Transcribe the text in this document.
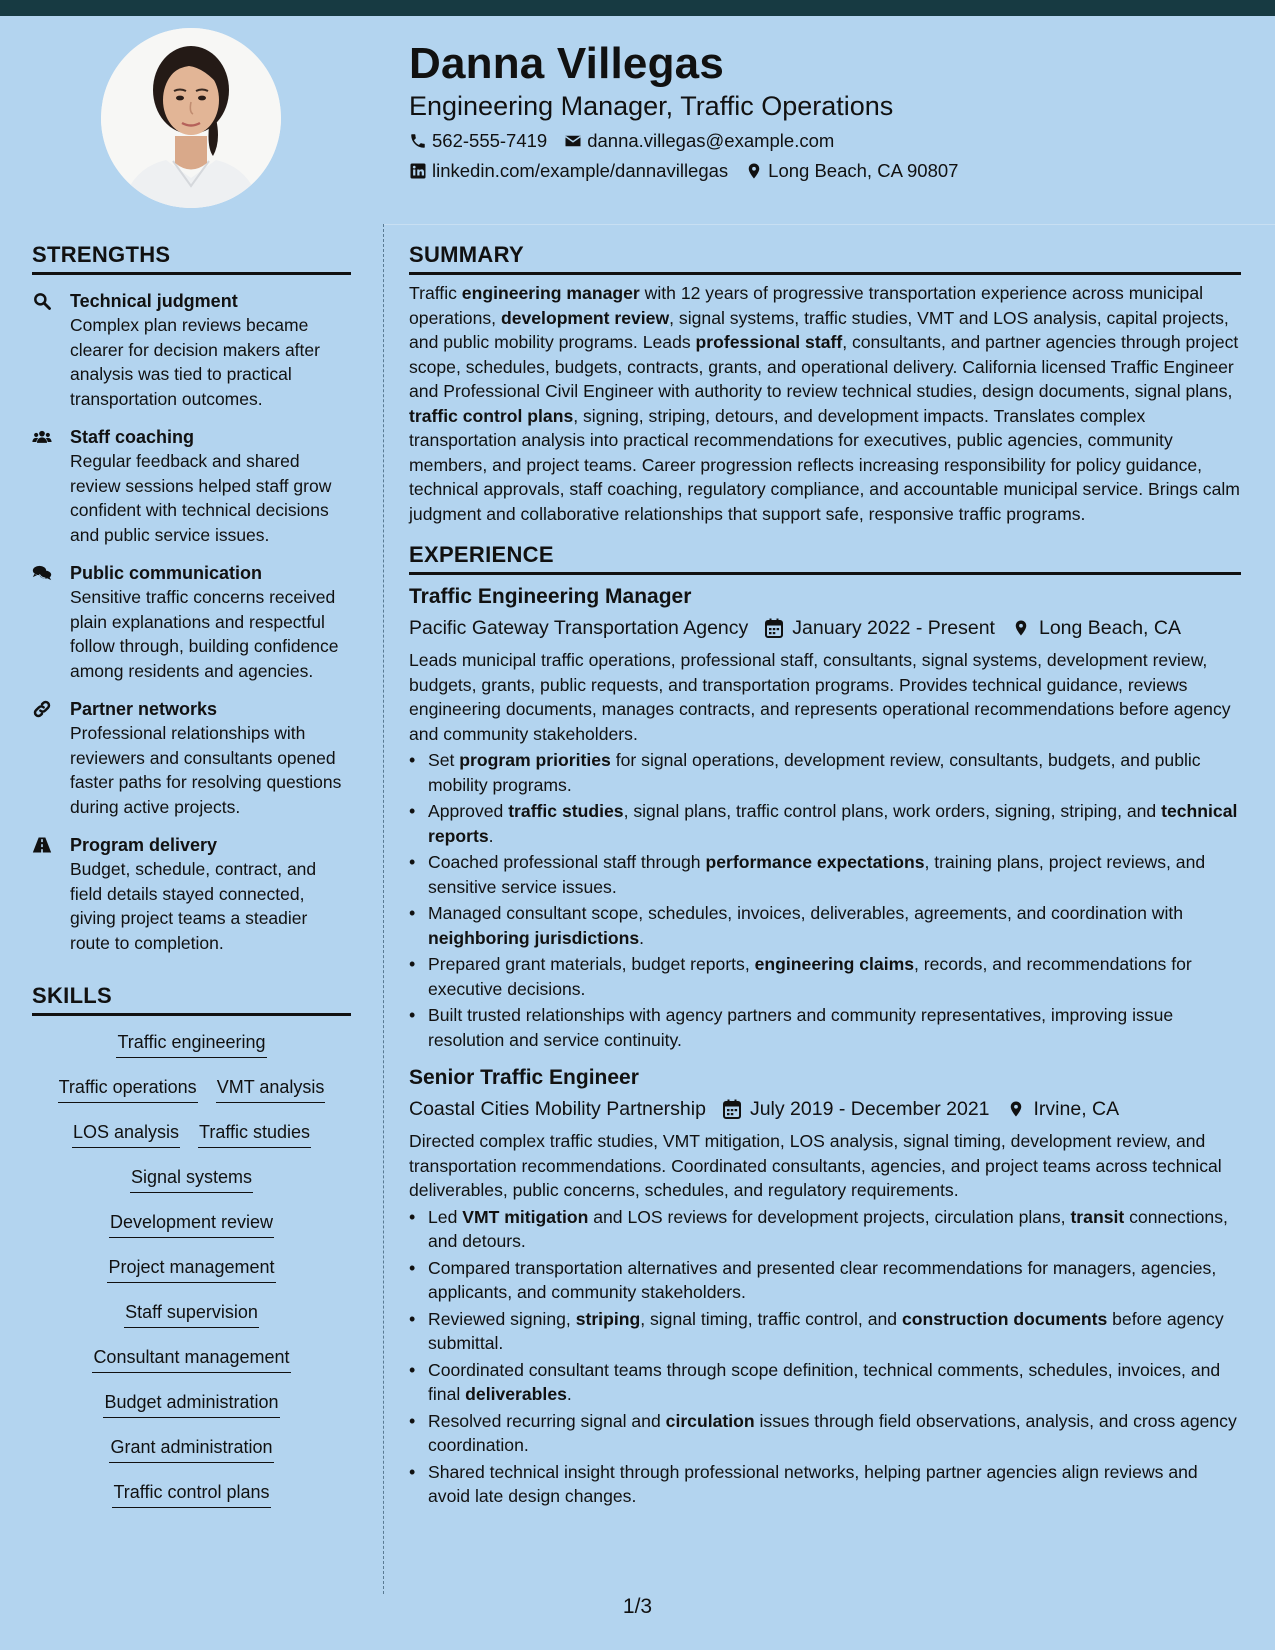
Danna Villegas
Engineering Manager, Traffic Operations
562-555-7419 danna.villegas@example.com
linkedin.com/example/dannavillegas Long Beach, CA 90807
STRENGTHS
Technical judgment
Complex plan reviews became clearer for decision makers after analysis was tied to practical transportation outcomes.
Staff coaching
Regular feedback and shared review sessions helped staff grow confident with technical decisions and public service issues.
Public communication
Sensitive traffic concerns received plain explanations and respectful follow through, building confidence among residents and agencies.
Partner networks
Professional relationships with reviewers and consultants opened faster paths for resolving questions during active projects.
Program delivery
Budget, schedule, contract, and field details stayed connected, giving project teams a steadier route to completion.
SKILLS
Traffic engineering
Traffic operations VMT analysis
LOS analysis Traffic studies
Signal systems
Development review
Project management
Staff supervision
Consultant management
Budget administration
Grant administration
Traffic control plans
SUMMARY
Traffic engineering manager with 12 years of progressive transportation experience across municipal operations, development review, signal systems, traffic studies, VMT and LOS analysis, capital projects, and public mobility programs. Leads professional staff, consultants, and partner agencies through project scope, schedules, budgets, contracts, grants, and operational delivery. California licensed Traffic Engineer and Professional Civil Engineer with authority to review technical studies, design documents, signal plans, traffic control plans, signing, striping, detours, and development impacts. Translates complex transportation analysis into practical recommendations for executives, public agencies, community members, and project teams. Career progression reflects increasing responsibility for policy guidance, technical approvals, staff coaching, regulatory compliance, and accountable municipal service. Brings calm judgment and collaborative relationships that support safe, responsive traffic programs.
EXPERIENCE
Traffic Engineering Manager
Pacific Gateway Transportation Agency January 2022 - Present Long Beach, CA
Leads municipal traffic operations, professional staff, consultants, signal systems, development review, budgets, grants, public requests, and transportation programs. Provides technical guidance, reviews engineering documents, manages contracts, and represents operational recommendations before agency and community stakeholders.
• Set program priorities for signal operations, development review, consultants, budgets, and public mobility programs.
• Approved traffic studies, signal plans, traffic control plans, work orders, signing, striping, and technical reports.
• Coached professional staff through performance expectations, training plans, project reviews, and sensitive service issues.
• Managed consultant scope, schedules, invoices, deliverables, agreements, and coordination with neighboring jurisdictions.
• Prepared grant materials, budget reports, engineering claims, records, and recommendations for executive decisions.
• Built trusted relationships with agency partners and community representatives, improving issue resolution and service continuity.
Senior Traffic Engineer
Coastal Cities Mobility Partnership July 2019 - December 2021 Irvine, CA
Directed complex traffic studies, VMT mitigation, LOS analysis, signal timing, development review, and transportation recommendations. Coordinated consultants, agencies, and project teams across technical deliverables, public concerns, schedules, and regulatory requirements.
• Led VMT mitigation and LOS reviews for development projects, circulation plans, transit connections, and detours.
• Compared transportation alternatives and presented clear recommendations for managers, agencies, applicants, and community stakeholders.
• Reviewed signing, striping, signal timing, traffic control, and construction documents before agency submittal.
• Coordinated consultant teams through scope definition, technical comments, schedules, invoices, and final deliverables.
• Resolved recurring signal and circulation issues through field observations, analysis, and cross agency coordination.
• Shared technical insight through professional networks, helping partner agencies align reviews and avoid late design changes.
1/3
